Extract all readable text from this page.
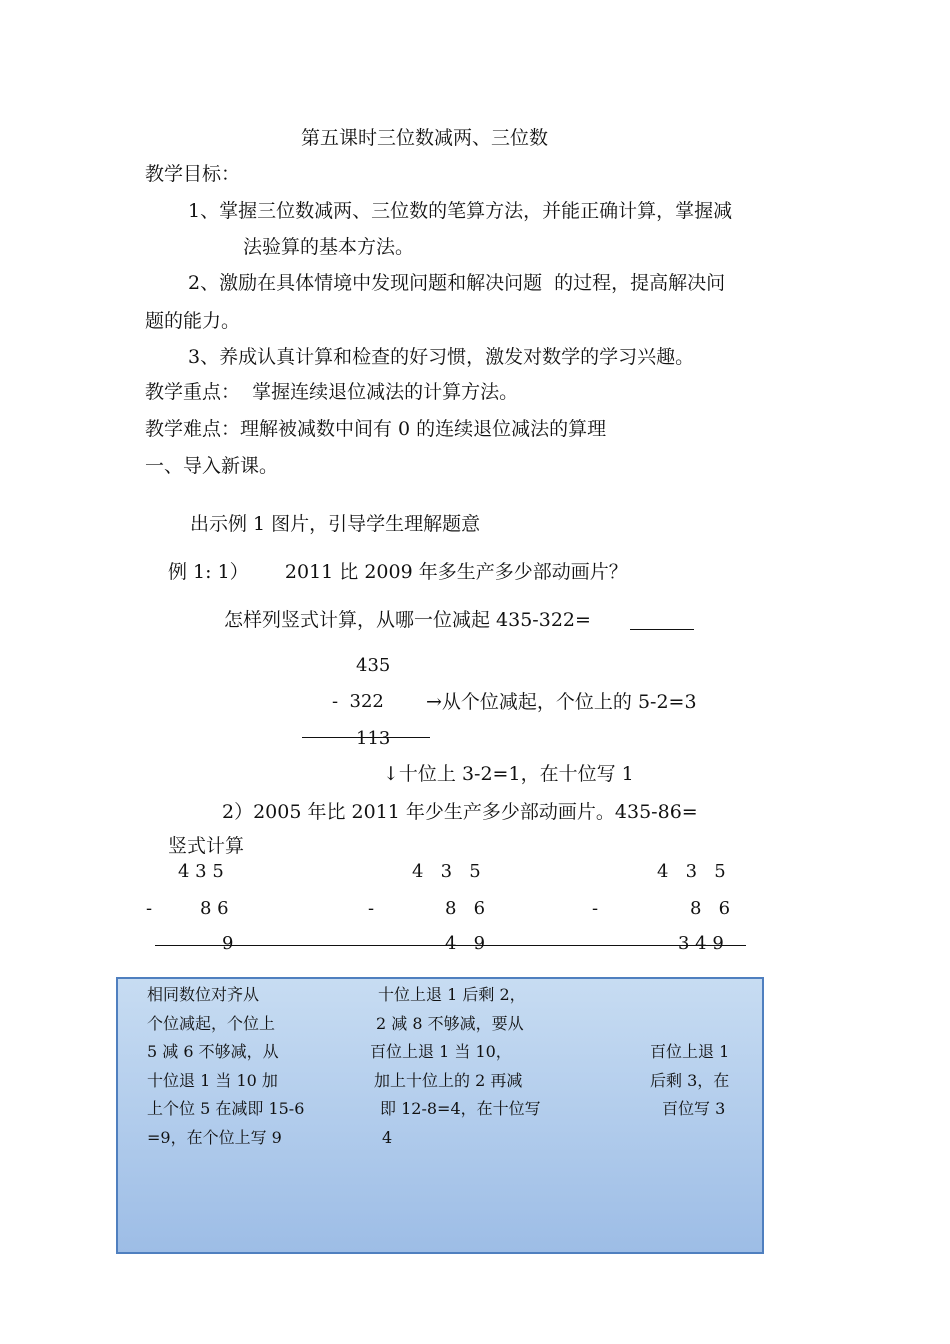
第五课时三位数减两、三位数
教学目标：
1、掌握三位数减两、三位数的笔算方法，并能正确计算，掌握减
法验算的基本方法。
2、激励在具体情境中发现问题和解决问题  的过程，提高解决问
题的能力。
3、养成认真计算和检查的好习惯，激发对数学的学习兴趣。
教学重点：  掌握连续退位减法的计算方法。
教学难点：理解被减数中间有 0 的连续退位减法的算理
一、导入新课。
出示例 1 图片，引导学生理解题意
例 1: 1）      2011 比 2009 年多生产多少部动画片？
怎样列竖式计算，从哪一位减起 435-322=
435
-  322 →从个位减起，个位上的 5-2=3
113
↓十位上 3-2=1，在十位写 1
2）2005 年比 2011 年少生产多少部动画片。435-86=
竖式计算
4 3 5
-	8 6
9
4   3   5
-	8   6
4   9
4   3   5
-	8   6
3 4 9
相同数位对齐从
个位减起，个位上
5 减 6 不够减，从
十位退 1 当 10 加
上个位 5 在减即 15-6
=9，在个位上写 9
十位上退 1 后剩 2，
2 减 8 不够减，要从
百位上退 1 当 10，
加上十位上的 2 再减
即 12-8=4，在十位写
4
百位上退 1
后剩 3，在
百位写 3
